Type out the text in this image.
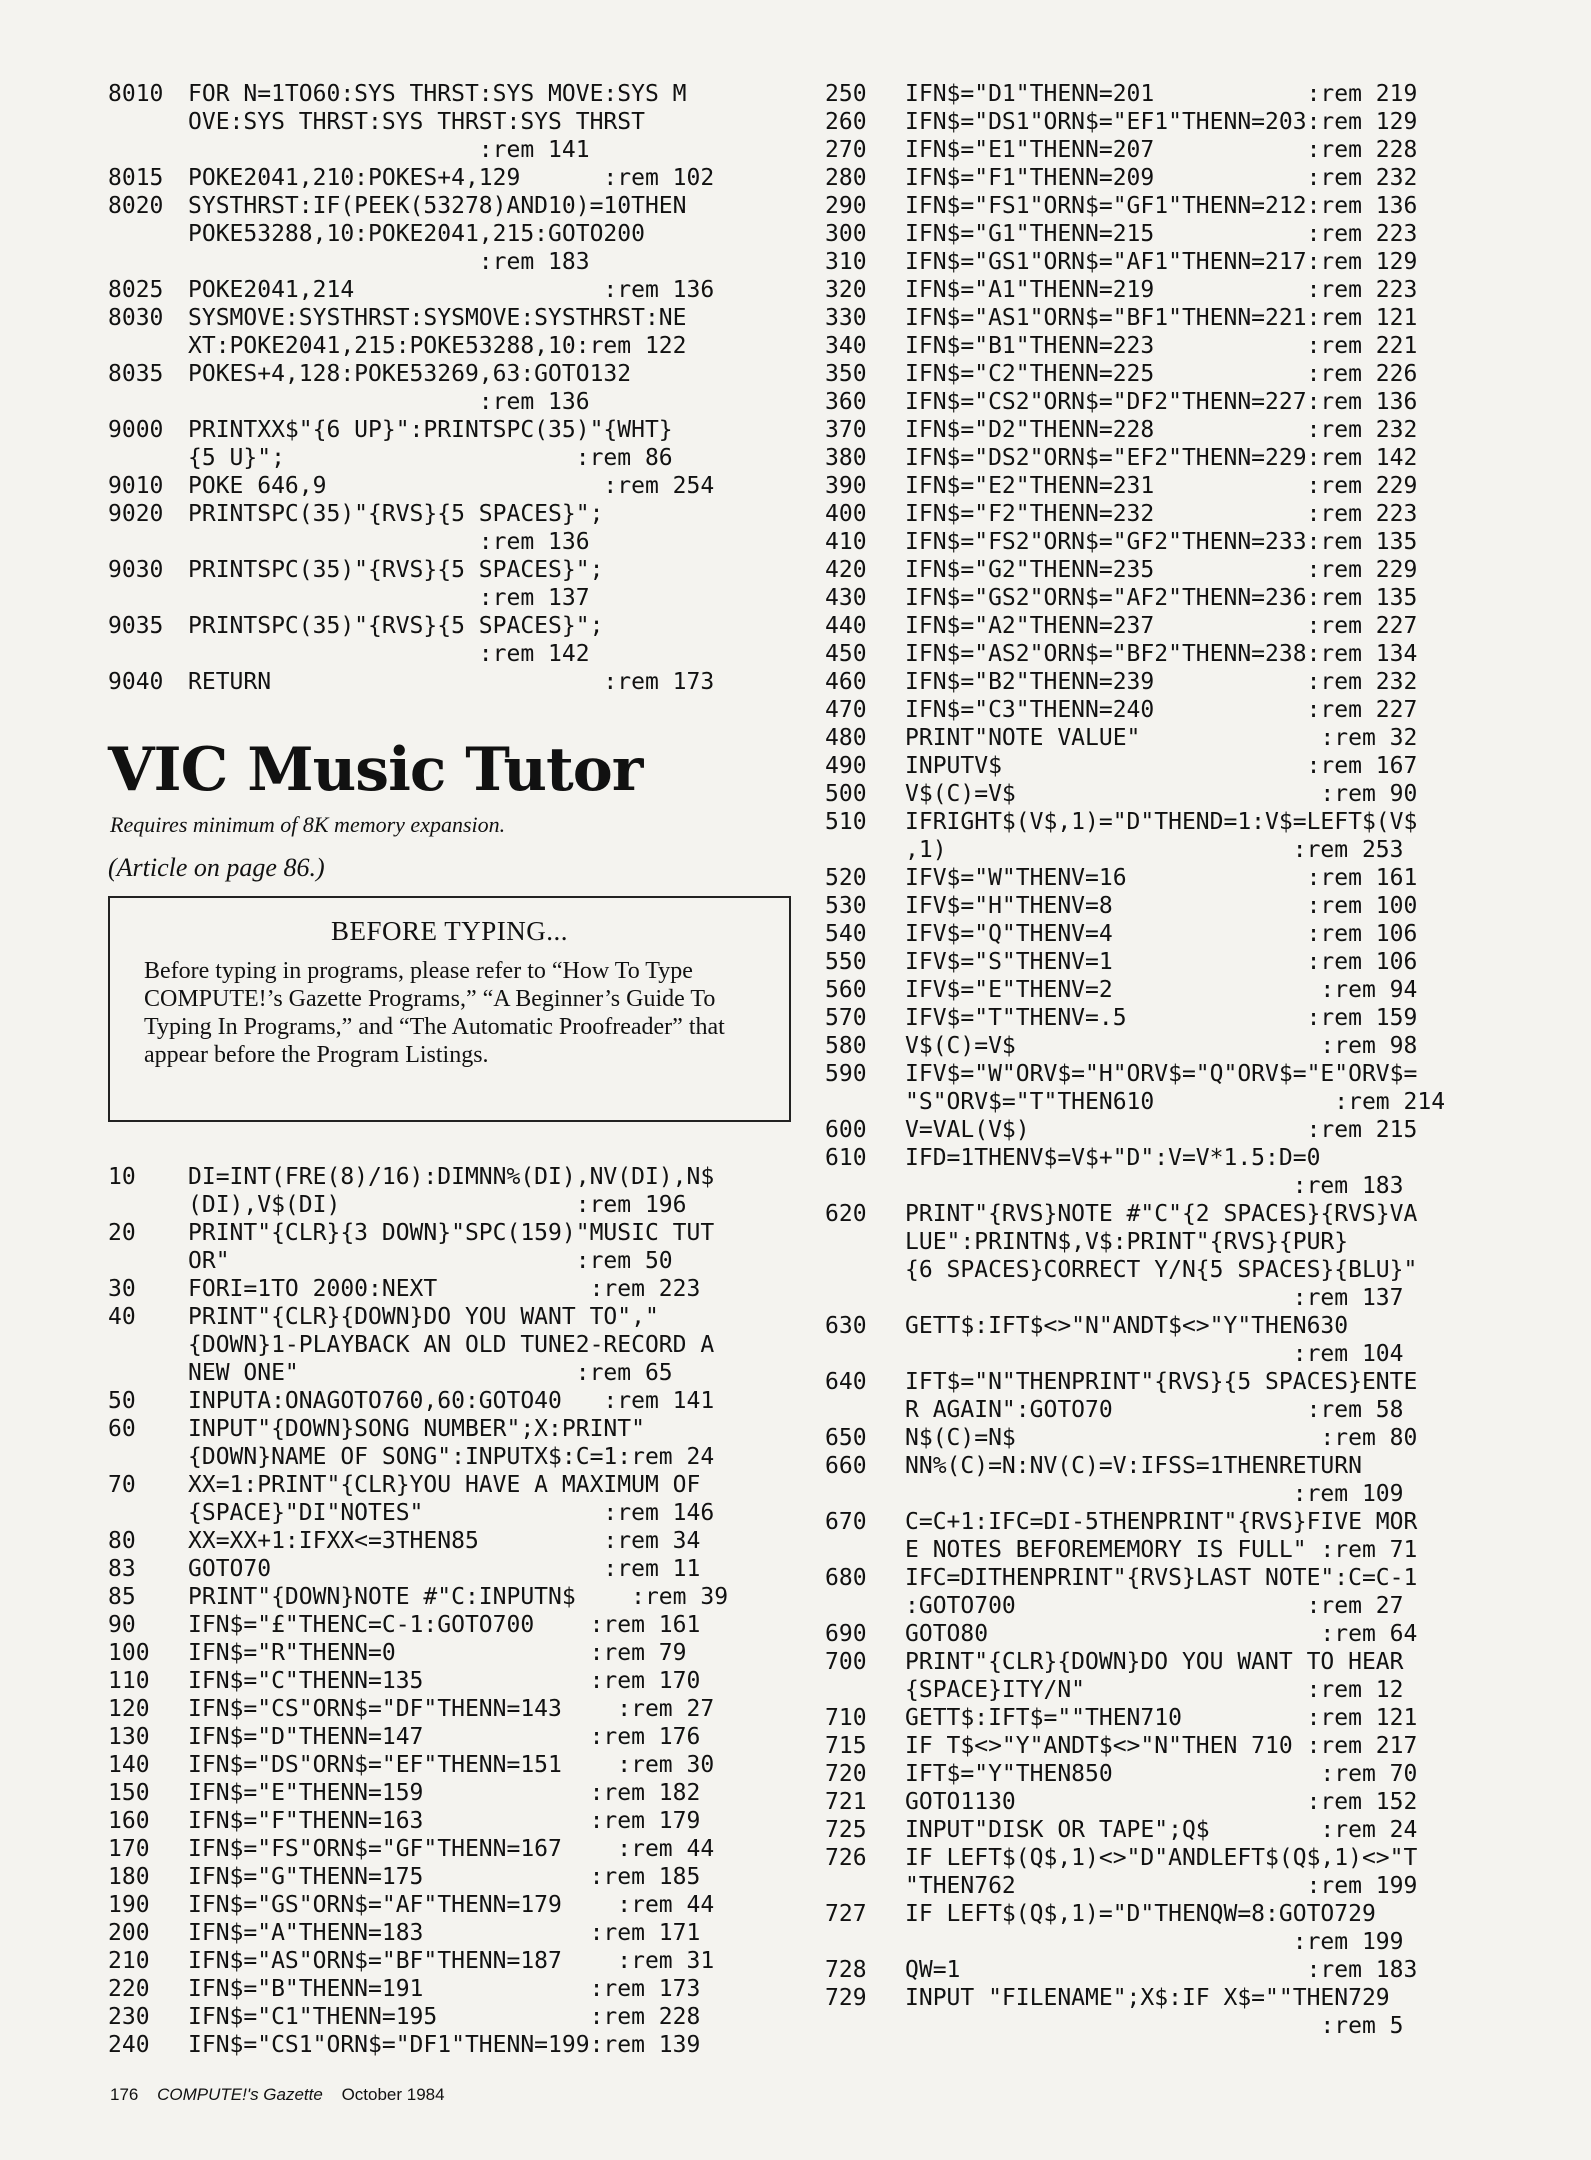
8010	FOR N=1TO60:SYS THRST:SYS MOVE:SYS M
OVE:SYS THRST:SYS THRST:SYS THRST
:rem 141
8015	POKE2041,210:POKES+4,129      :rem 102
8020	SYSTHRST:IF(PEEK(53278)AND10)=10THEN
POKE53288,10:POKE2041,215:GOTO200
:rem 183
8025	POKE2041,214                  :rem 136
8030	SYSMOVE:SYSTHRST:SYSMOVE:SYSTHRST:NE
XT:POKE2041,215:POKE53288,10:rem 122
8035	POKES+4,128:POKE53269,63:GOTO132
:rem 136
9000	PRINTXX$"{6 UP}":PRINTSPC(35)"{WHT}
{5 U}";                     :rem 86
9010	POKE 646,9                    :rem 254
9020	PRINTSPC(35)"{RVS}{5 SPACES}";
:rem 136
9030	PRINTSPC(35)"{RVS}{5 SPACES}";
:rem 137
9035	PRINTSPC(35)"{RVS}{5 SPACES}";
:rem 142
9040	RETURN                        :rem 173
VIC Music Tutor

Requires minimum of 8K memory expansion.

(Article on page 86.)

BEFORE TYPING...

Before typing in programs, please refer to “How To Type COMPUTE!’s Gazette Programs,” “A Beginner’s Guide To Typing In Programs,” and “The Automatic Proofreader” that appear before the Program Listings.

10	DI=INT(FRE(8)/16):DIMNN%(DI),NV(DI),N$
(DI),V$(DI)                 :rem 196
20	PRINT"{CLR}{3 DOWN}"SPC(159)"MUSIC TUT
OR"                         :rem 50
30	FORI=1TO 2000:NEXT           :rem 223
40	PRINT"{CLR}{DOWN}DO YOU WANT TO","
{DOWN}1-PLAYBACK AN OLD TUNE2-RECORD A
NEW ONE"                    :rem 65
50	INPUTA:ONAGOTO760,60:GOTO40   :rem 141
60	INPUT"{DOWN}SONG NUMBER";X:PRINT"
{DOWN}NAME OF SONG":INPUTX$:C=1:rem 24
70	XX=1:PRINT"{CLR}YOU HAVE A MAXIMUM OF
{SPACE}"DI"NOTES"             :rem 146
80	XX=XX+1:IFXX<=3THEN85         :rem 34
83	GOTO70                        :rem 11
85	PRINT"{DOWN}NOTE #"C:INPUTN$    :rem 39
90	IFN$="£"THENC=C-1:GOTO700    :rem 161
100	IFN$="R"THENN=0              :rem 79
110	IFN$="C"THENN=135            :rem 170
120	IFN$="CS"ORN$="DF"THENN=143    :rem 27
130	IFN$="D"THENN=147            :rem 176
140	IFN$="DS"ORN$="EF"THENN=151    :rem 30
150	IFN$="E"THENN=159            :rem 182
160	IFN$="F"THENN=163            :rem 179
170	IFN$="FS"ORN$="GF"THENN=167    :rem 44
180	IFN$="G"THENN=175            :rem 185
190	IFN$="GS"ORN$="AF"THENN=179    :rem 44
200	IFN$="A"THENN=183            :rem 171
210	IFN$="AS"ORN$="BF"THENN=187    :rem 31
220	IFN$="B"THENN=191            :rem 173
230	IFN$="C1"THENN=195           :rem 228
240	IFN$="CS1"ORN$="DF1"THENN=199:rem 139
250	IFN$="D1"THENN=201           :rem 219
260	IFN$="DS1"ORN$="EF1"THENN=203:rem 129
270	IFN$="E1"THENN=207           :rem 228
280	IFN$="F1"THENN=209           :rem 232
290	IFN$="FS1"ORN$="GF1"THENN=212:rem 136
300	IFN$="G1"THENN=215           :rem 223
310	IFN$="GS1"ORN$="AF1"THENN=217:rem 129
320	IFN$="A1"THENN=219           :rem 223
330	IFN$="AS1"ORN$="BF1"THENN=221:rem 121
340	IFN$="B1"THENN=223           :rem 221
350	IFN$="C2"THENN=225           :rem 226
360	IFN$="CS2"ORN$="DF2"THENN=227:rem 136
370	IFN$="D2"THENN=228           :rem 232
380	IFN$="DS2"ORN$="EF2"THENN=229:rem 142
390	IFN$="E2"THENN=231           :rem 229
400	IFN$="F2"THENN=232           :rem 223
410	IFN$="FS2"ORN$="GF2"THENN=233:rem 135
420	IFN$="G2"THENN=235           :rem 229
430	IFN$="GS2"ORN$="AF2"THENN=236:rem 135
440	IFN$="A2"THENN=237           :rem 227
450	IFN$="AS2"ORN$="BF2"THENN=238:rem 134
460	IFN$="B2"THENN=239           :rem 232
470	IFN$="C3"THENN=240           :rem 227
480	PRINT"NOTE VALUE"             :rem 32
490	INPUTV$                      :rem 167
500	V$(C)=V$                      :rem 90
510	IFRIGHT$(V$,1)="D"THEND=1:V$=LEFT$(V$
,1)                         :rem 253
520	IFV$="W"THENV=16             :rem 161
530	IFV$="H"THENV=8              :rem 100
540	IFV$="Q"THENV=4              :rem 106
550	IFV$="S"THENV=1              :rem 106
560	IFV$="E"THENV=2               :rem 94
570	IFV$="T"THENV=.5             :rem 159
580	V$(C)=V$                      :rem 98
590	IFV$="W"ORV$="H"ORV$="Q"ORV$="E"ORV$=
"S"ORV$="T"THEN610             :rem 214
600	V=VAL(V$)                    :rem 215
610	IFD=1THENV$=V$+"D":V=V*1.5:D=0
:rem 183
620	PRINT"{RVS}NOTE #"C"{2 SPACES}{RVS}VA
LUE":PRINTN$,V$:PRINT"{RVS}{PUR}
{6 SPACES}CORRECT Y/N{5 SPACES}{BLU}"
:rem 137
630	GETT$:IFT$<>"N"ANDT$<>"Y"THEN630
:rem 104
640	IFT$="N"THENPRINT"{RVS}{5 SPACES}ENTE
R AGAIN":GOTO70              :rem 58
650	N$(C)=N$                      :rem 80
660	NN%(C)=N:NV(C)=V:IFSS=1THENRETURN
:rem 109
670	C=C+1:IFC=DI-5THENPRINT"{RVS}FIVE MOR
E NOTES BEFOREMEMORY IS FULL" :rem 71
680	IFC=DITHENPRINT"{RVS}LAST NOTE":C=C-1
:GOTO700                     :rem 27
690	GOTO80                        :rem 64
700	PRINT"{CLR}{DOWN}DO YOU WANT TO HEAR
{SPACE}ITY/N"                :rem 12
710	GETT$:IFT$=""THEN710         :rem 121
715	IF T$<>"Y"ANDT$<>"N"THEN 710 :rem 217
720	IFT$="Y"THEN850               :rem 70
721	GOTO1130                     :rem 152
725	INPUT"DISK OR TAPE";Q$        :rem 24
726	IF LEFT$(Q$,1)<>"D"ANDLEFT$(Q$,1)<>"T
"THEN762                     :rem 199
727	IF LEFT$(Q$,1)="D"THENQW=8:GOTO729
:rem 199
728	QW=1                         :rem 183
729	INPUT "FILENAME";X$:IF X$=""THEN729
:rem 5
176 COMPUTE!'s Gazette October 1984
